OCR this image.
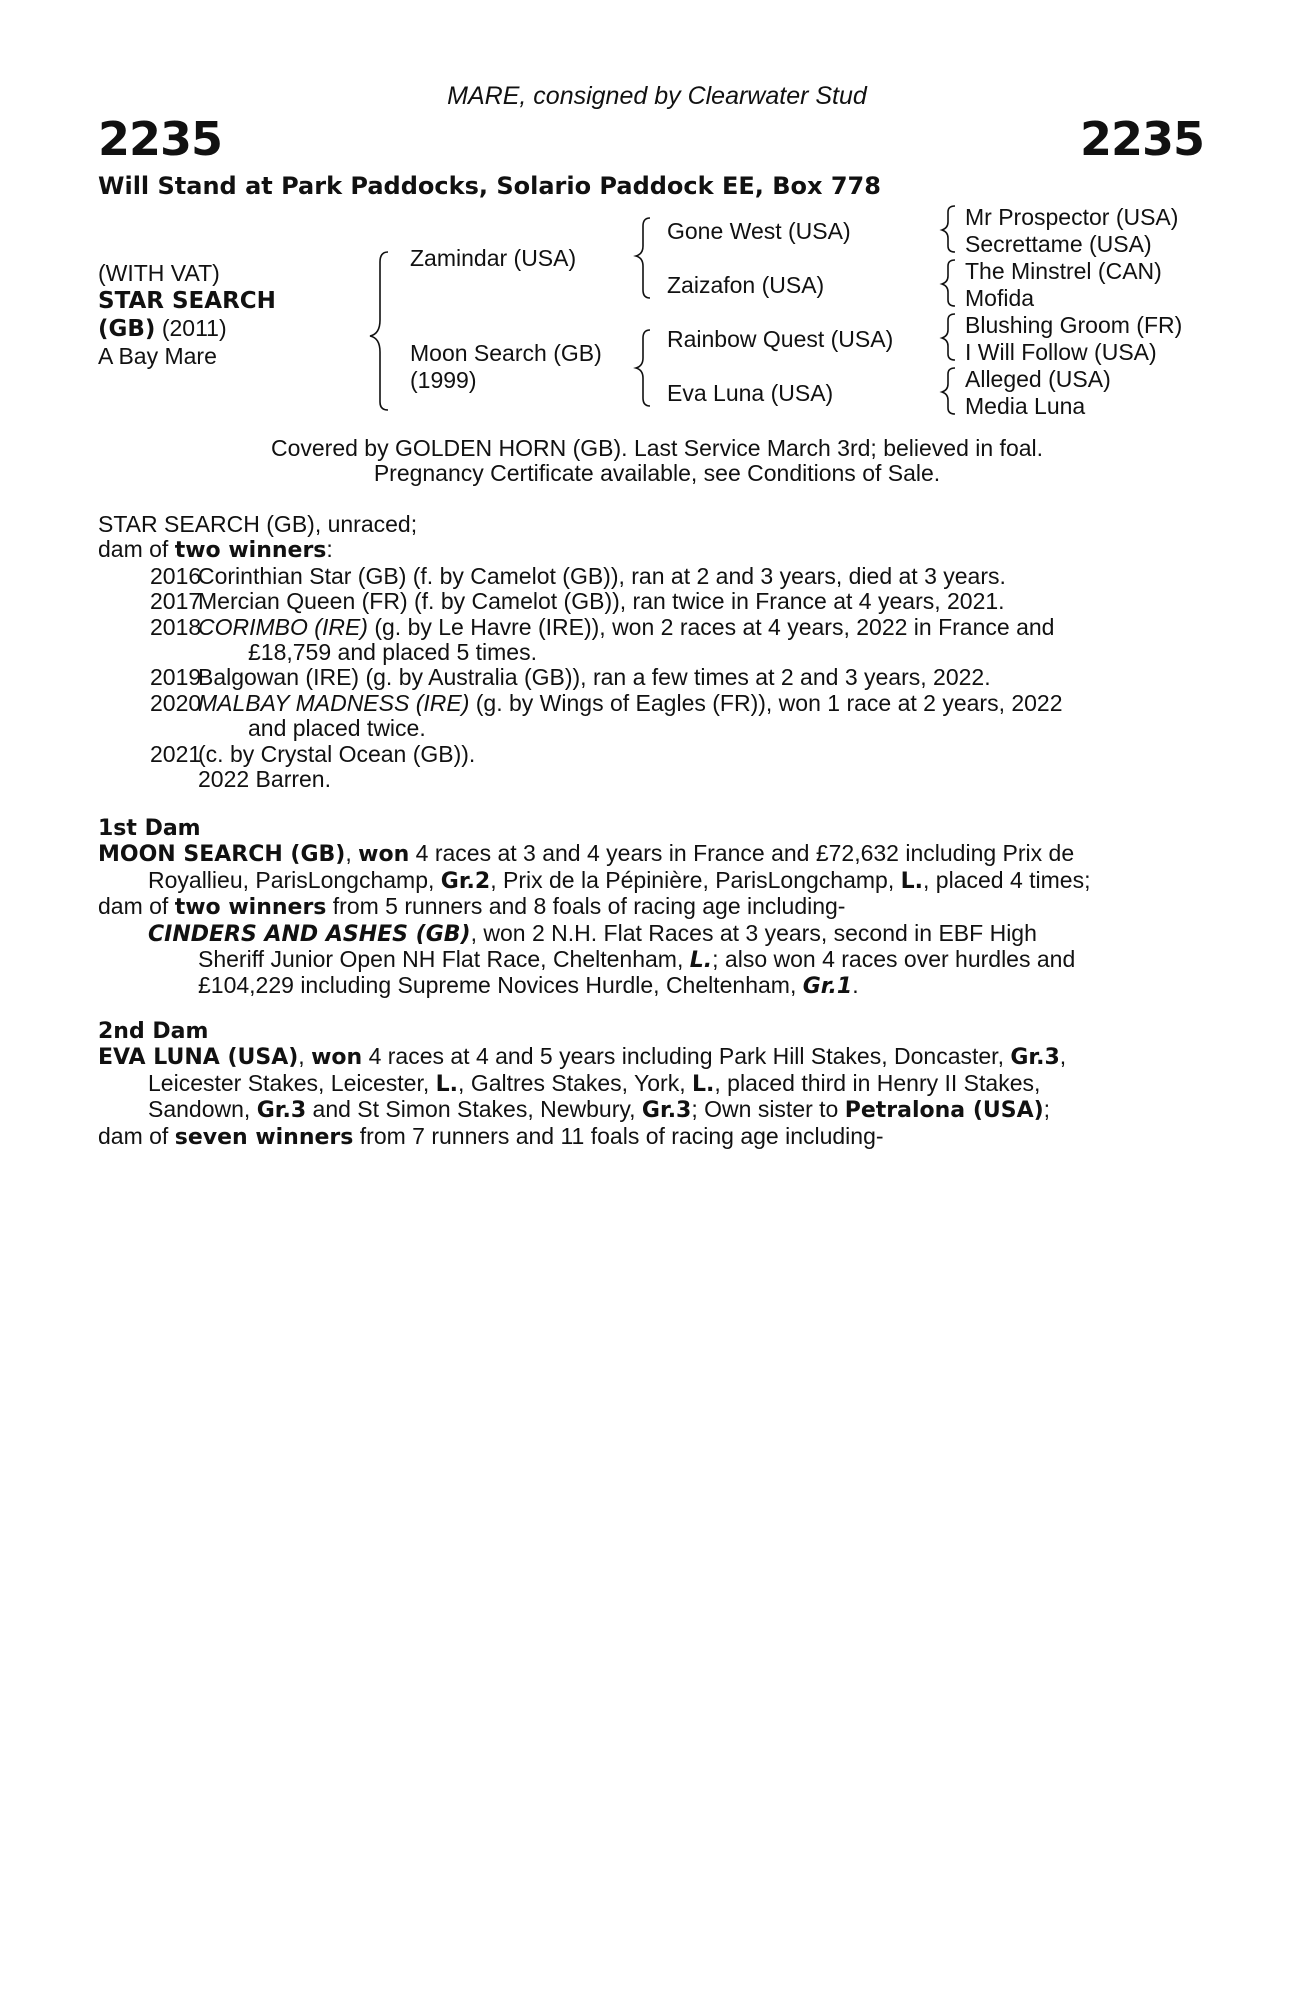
MARE, consigned by Clearwater Stud
2235	2235
Will Stand at Park Paddocks, Solario Paddock EE, Box 778
(WITH VAT)
STAR SEARCH
(GB) (2011)
A Bay Mare
Zamindar (USA)
Moon Search (GB)
(1999)
Gone West (USA)
Zaizafon (USA)
Rainbow Quest (USA)
Eva Luna (USA)
Mr Prospector (USA)
Secrettame (USA)
The Minstrel (CAN)
Mofida
Blushing Groom (FR)
I Will Follow (USA)
Alleged (USA)
Media Luna
Covered by GOLDEN HORN (GB). Last Service March 3rd; believed in foal.
Pregnancy Certificate available, see Conditions of Sale.

STAR SEARCH (GB), unraced;

dam of two winners:

2016
Corinthian Star (GB) (f. by Camelot (GB)), ran at 2 and 3 years, died at 3 years.
2017
Mercian Queen (FR) (f. by Camelot (GB)), ran twice in France at 4 years, 2021.
2018
CORIMBO (IRE) (g. by Le Havre (IRE)), won 2 races at 4 years, 2022 in France and
£18,759 and placed 5 times.
2019
Balgowan (IRE) (g. by Australia (GB)), ran a few times at 2 and 3 years, 2022.
2020
MALBAY MADNESS (IRE) (g. by Wings of Eagles (FR)), won 1 race at 2 years, 2022
and placed twice.
2021
(c. by Crystal Ocean (GB)).
2022 Barren.

1st Dam

MOON SEARCH (GB), won 4 races at 3 and 4 years in France and £72,632 including Prix de
Royallieu, ParisLongchamp, Gr.2, Prix de la Pépinière, ParisLongchamp, L., placed 4 times;

dam of two winners from 5 runners and 8 foals of racing age including-

CINDERS AND ASHES (GB), won 2 N.H. Flat Races at 3 years, second in EBF High
Sheriff Junior Open NH Flat Race, Cheltenham, L.; also won 4 races over hurdles and
£104,229 including Supreme Novices Hurdle, Cheltenham, Gr.1.

2nd Dam

EVA LUNA (USA), won 4 races at 4 and 5 years including Park Hill Stakes, Doncaster, Gr.3,

Leicester Stakes, Leicester, L., Galtres Stakes, York, L., placed third in Henry II Stakes,

Sandown, Gr.3 and St Simon Stakes, Newbury, Gr.3; Own sister to Petralona (USA);

dam of seven winners from 7 runners and 11 foals of racing age including-
